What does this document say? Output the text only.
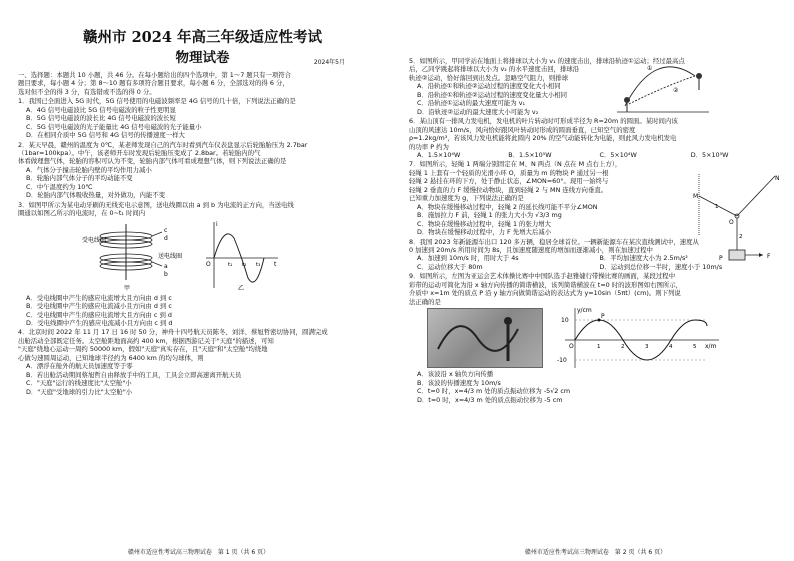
赣州市 2024 年高三年级适应性考试
物理试卷	2024年5月

一、选择题：本题共 10 小题，共 46 分。在每小题给出的四个选项中，第 1～7 题只有一项符合

题目要求，每小题 4 分；第 8～10 题有多项符合题目要求，每小题 6 分，全部选对的得 6 分，

选对但不全的得 3 分，有选错或不选的得 0 分。

1．我国已全面进入 5G 时代，5G 信号使用的电磁波频率是 4G 信号的几十倍，下列说法正确的是

A．4G 信号电磁波比 5G 信号电磁波的粒子性更明显

B．5G 信号电磁波的波长比 4G 信号电磁波的波长短

C．5G 信号电磁波的光子能量比 4G 信号电磁波的光子能量小

D．在相同介质中 5G 信号和 4G 信号的传播速度一样大

2．某天早晨，赣州的温度为 0℃，某老师发现自己的汽车时看到汽车仪表盘显示后轮胎胎压为 2.7bar

（1bar=100kpa）。中午，该老师开车时发现后轮胎压变成了 2.8bar。若轮胎内的气

体看做理想气体，轮胎的容积可认为不变，轮胎内部气体可看成理想气体，则下列说法正确的是

A．气体分子撞击轮胎内壁的平均作用力减小

B．轮胎内部气体分子的平均动能不变

C．中午温度约为 10℃

D．轮胎内部气体吸收热量，对外做功，内能不变

3．如图甲所示为某电动牙刷的无线充电示意图，送电线圈以由 a 到 b 为电流的正方向，当送电线

圈通以如图乙所示的电流时，在 0~t₁ 时间内

受电线圈
送电线圈
c
d
a
b
甲
i
t
O	t₁ t₂ t₃
乙

A．受电线圈中产生的感应电流增大且方向由 d 到 c

B．受电线圈中产生的感应电流减小且方向由 d 到 c

C．受电线圈中产生的感应电流增大且方向由 c 到 d

D．受电线圈中产生的感应电流减小且方向由 c 到 d

4．北京时间 2022 年 11 月 17 日 16 时 50 分，神舟十四号航天员陈冬、刘洋、蔡旭哲密切协同，圆满完成

出舱活动全部既定任务。太空舱距地面高约 400 km，根据西游记关于"天庭"的描述，可知

"天庭"绕地心运动一周约 50000 km，假如"天庭"真实存在，且"天庭"和"太空舱"均绕地

心做匀速圆周运动，已知地球半径约为 6400 km 的均匀球体，则

A．漂浮在舱外的航天员加速度等于零

B．若出舱活动期间蔡旭哲自由释放手中的工具，工具会立即高速离开航天员

C．"天庭"运行的线速度比"太空舱"小

D．"天庭"受地球的引力比"太空舱"小

赣州市适应性考试高三物理试卷　第 1 页（共 6 页）
①
②

5．如图所示，甲同学站在地面上将排球以大小为 v₁ 的速度击出，排球沿轨迹①运动；经过最高点

后，乙同学跳起将排球以大小为 v₂ 的水平速度击回，排球沿

轨迹②运动，恰好落回到出发点。忽略空气阻力，则排球

A．沿轨迹①和轨迹②运动过程的速度变化大小相同

B．沿轨迹①和轨迹②运动过程的速度变化量大小相同

C．沿轨迹①运动的最大速度可能为 v₁

D．沿轨迹②运动的最大速度大小可能为 v₂

6．某山顶有一排风力发电机，发电机的叶片转动时可形成半径为 R=20m 的圆面。某时间内该

山顶的风速达 10m/s，风向恰好跟风叶转动时形成的圆面垂直，已知空气的密度

ρ=1.2kg/m³，若该风力发电机能将此圆内 20% 的空气动能转化为电能，则此风力发电机发电

的功率 P 约为

A．1.5×10⁴W	B．1.5×10⁵W	C．5×10⁴W	D．5×10⁵W
M
N
O
P	F
1
2

7．如图所示，轻绳 1 两端分别固定在 M、N 两点（N 点在 M 点右上方），

轻绳 1 上套有一个轻质的光滑小环 O，质量为 m 的物块 P 通过另一根

轻绳 2 悬挂在环的下方，处于静止状态，∠MON=60°。现用一始终与

轻绳 2 垂直的力 F 缓慢拉动物块，直到轻绳 2 与 MN 连线方向垂直。

已知重力加速度为 g，下列说法正确的是

A．物块在缓慢移动过程中，轻绳 2 的延长线可能不平分∠MON

B．施加拉力 F 前，轻绳 1 的张力大小为 √3/3 mg

C．物块在缓慢移动过程中，轻绳 1 的张力增大

D．物块在缓慢移动过程中，力 F 先增大后减小

8．我国 2023 年新能源车出口 120 多万辆，稳居全球首位。一辆新能源车在某次直线测试中，速度从

0 加速到 20m/s 所用时间为 8s，且加速度随速度的增加而逐渐减小，则在加速过程中

A．加速到 10m/s 时，用时大于 4s	B．平均加速度大小为 2.5m/s²
C．运动位移大于 80m	D．运动到总位移一半时，速度小于 10m/s

9．如图所示，左图为亚运会艺术体操比赛中中国队选手赵雅婕行带操比赛的画面，某段过程中

彩带的运动可简化为沿 x 轴方向传播的简谐横波，该列简谐横波在 t=0 时的波形图如右图所示，

介质中 x=1m 处的质点 P 沿 y 轴方向做简谐运动的表达式为 y=10sin（5πt）(cm)。则下列说

法正确的是

y/cm
x/m
10
-10
O
P
1	2	3	4	5

A．该波沿 x 轴负方向传播

B．该波的传播速度为 10m/s

C．t=0 时，x=4/3 m 处的质点振动位移为 -5√2 cm

D．t=0 时，x=4/3 m 处的质点振动位移为 -5 cm

赣州市适应性考试高三物理试卷　第 2 页（共 6 页）
